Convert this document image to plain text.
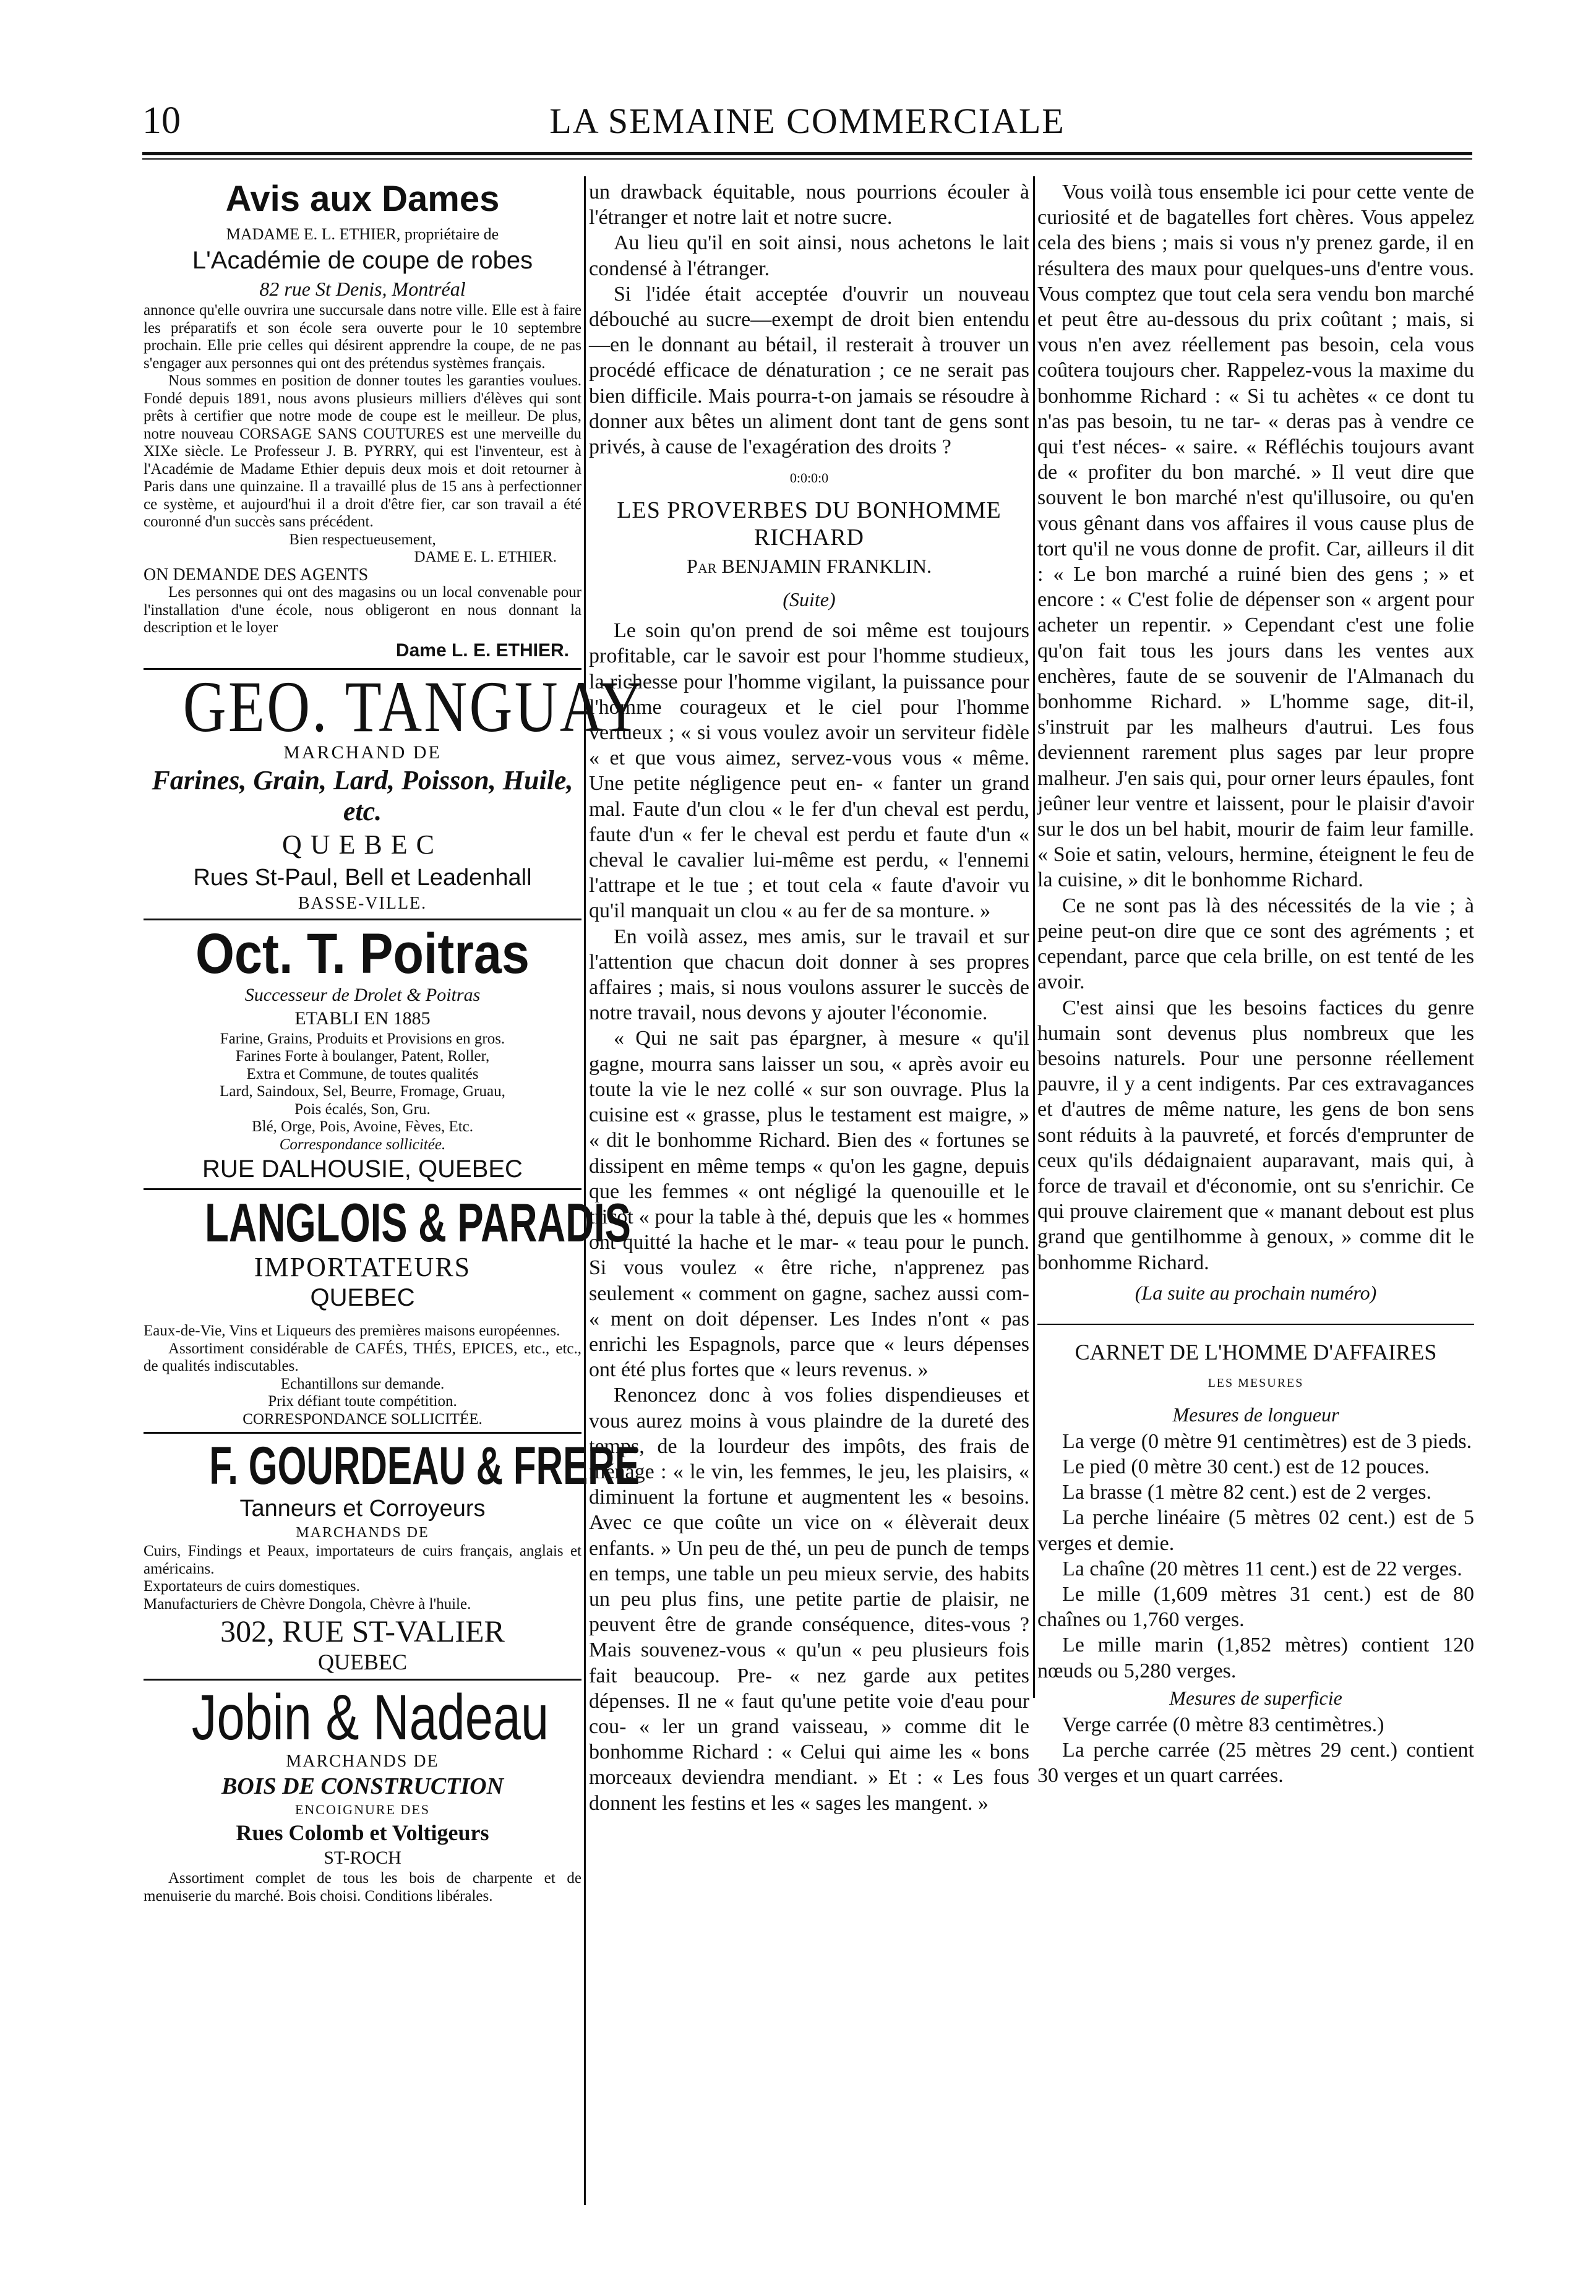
10	LA SEMAINE COMMERCIALE
Avis aux Dames
MADAME E. L. ETHIER, propriétaire de
L'Académie de coupe de robes
82 rue St Denis, Montréal

annonce qu'elle ouvrira une succursale dans notre ville. Elle est à faire les préparatifs et son école sera ouverte pour le 10 septembre prochain. Elle prie celles qui désirent apprendre la coupe, de ne pas s'engager aux personnes qui ont des prétendus systèmes français.

Nous sommes en position de donner toutes les garanties voulues. Fondé depuis 1891, nous avons plusieurs milliers d'élèves qui sont prêts à certifier que notre mode de coupe est le meilleur. De plus, notre nouveau CORSAGE SANS COUTURES est une merveille du XIXe siècle. Le Professeur J. B. PYRRY, qui est l'inventeur, est à l'Académie de Madame Ethier depuis deux mois et doit retourner à Paris dans une quinzaine. Il a travaillé plus de 15 ans à perfectionner ce système, et aujourd'hui il a droit d'être fier, car son travail a été couronné d'un succès sans précédent.

Bien respectueusement,

DAME E. L. ETHIER.

ON DEMANDE DES AGENTS

Les personnes qui ont des magasins ou un local convenable pour l'installation d'une école, nous obligeront en nous donnant la description et le loyer

Dame L. E. ETHIER.

GEO. TANGUAY
MARCHAND DE
Farines, Grain, Lard, Poisson, Huile, etc.
QUEBEC
Rues St-Paul, Bell et Leadenhall
BASSE-VILLE.
Oct. T. Poitras
Successeur de Drolet & Poitras
ETABLI EN 1885

Farine, Grains, Produits et Provisions en gros.

Farines Forte à boulanger, Patent, Roller,

Extra et Commune, de toutes qualités

Lard, Saindoux, Sel, Beurre, Fromage, Gruau,

Pois écalés, Son, Gru.

Blé, Orge, Pois, Avoine, Fèves, Etc.

Correspondance sollicitée.

RUE DALHOUSIE, QUEBEC
LANGLOIS & PARADIS
IMPORTATEURS
QUEBEC

Eaux-de-Vie, Vins et Liqueurs des premières maisons européennes.

Assortiment considérable de CAFÉS, THÉS, EPICES, etc., etc., de qualités indiscutables.

Echantillons sur demande.

Prix défiant toute compétition.

CORRESPONDANCE SOLLICITÉE.

F. GOURDEAU & FRERE
Tanneurs et Corroyeurs
MARCHANDS DE

Cuirs, Findings et Peaux, importateurs de cuirs français, anglais et américains.

Exportateurs de cuirs domestiques.

Manufacturiers de Chèvre Dongola, Chèvre à l'huile.

302, RUE ST-VALIER
QUEBEC
Jobin & Nadeau
MARCHANDS DE
BOIS DE CONSTRUCTION
ENCOIGNURE DES
Rues Colomb et Voltigeurs
ST-ROCH

Assortiment complet de tous les bois de charpente et de menuiserie du marché. Bois choisi. Conditions libérales.

un drawback équitable, nous pourrions écouler à l'étranger et notre lait et notre sucre.

Au lieu qu'il en soit ainsi, nous achetons le lait condensé à l'étranger.

Si l'idée était acceptée d'ouvrir un nouveau débouché au sucre—exempt de droit bien entendu—en le donnant au bétail, il resterait à trouver un procédé efficace de dénaturation ; ce ne serait pas bien difficile. Mais pourra-t-on jamais se résoudre à donner aux bêtes un aliment dont tant de gens sont privés, à cause de l'exagération des droits ?

0:0:0:0
LES PROVERBES DU BONHOMME RICHARD
Par BENJAMIN FRANKLIN.
(Suite)

Le soin qu'on prend de soi même est toujours profitable, car le savoir est pour l'homme studieux, la richesse pour l'homme vigilant, la puissance pour l'homme courageux et le ciel pour l'homme vertueux ; « si vous voulez avoir un serviteur fidèle « et que vous aimez, servez-vous vous « même. Une petite négligence peut en- « fanter un grand mal. Faute d'un clou « le fer d'un cheval est perdu, faute d'un « fer le cheval est perdu et faute d'un « cheval le cavalier lui-même est perdu, « l'ennemi l'attrape et le tue ; et tout cela « faute d'avoir vu qu'il manquait un clou « au fer de sa monture. »

En voilà assez, mes amis, sur le travail et sur l'attention que chacun doit donner à ses propres affaires ; mais, si nous voulons assurer le succès de notre travail, nous devons y ajouter l'économie.

« Qui ne sait pas épargner, à mesure « qu'il gagne, mourra sans laisser un sou, « après avoir eu toute la vie le nez collé « sur son ouvrage. Plus la cuisine est « grasse, plus le testament est maigre, » « dit le bonhomme Richard. Bien des « fortunes se dissipent en même temps « qu'on les gagne, depuis que les femmes « ont négligé la quenouille et le tricot « pour la table à thé, depuis que les « hommes ont quitté la hache et le mar- « teau pour le punch. Si vous voulez « être riche, n'apprenez pas seulement « comment on gagne, sachez aussi com- « ment on doit dépenser. Les Indes n'ont « pas enrichi les Espagnols, parce que « leurs dépenses ont été plus fortes que « leurs revenus. »

Renoncez donc à vos folies dispendieuses et vous aurez moins à vous plaindre de la dureté des temps, de la lourdeur des impôts, des frais de ménage : « le vin, les femmes, le jeu, les plaisirs, « diminuent la fortune et augmentent les « besoins. Avec ce que coûte un vice on « élèverait deux enfants. » Un peu de thé, un peu de punch de temps en temps, une table un peu mieux servie, des habits un peu plus fins, une petite partie de plaisir, ne peuvent être de grande conséquence, dites-vous ? Mais souvenez-vous « qu'un « peu plusieurs fois fait beaucoup. Pre- « nez garde aux petites dépenses. Il ne « faut qu'une petite voie d'eau pour cou- « ler un grand vaisseau, » comme dit le bonhomme Richard : « Celui qui aime les « bons morceaux deviendra mendiant. » Et : « Les fous donnent les festins et les « sages les mangent. »

Vous voilà tous ensemble ici pour cette vente de curiosité et de bagatelles fort chères. Vous appelez cela des biens ; mais si vous n'y prenez garde, il en résultera des maux pour quelques-uns d'entre vous. Vous comptez que tout cela sera vendu bon marché et peut être au-dessous du prix coûtant ; mais, si vous n'en avez réellement pas besoin, cela vous coûtera toujours cher. Rappelez-vous la maxime du bonhomme Richard : « Si tu achètes « ce dont tu n'as pas besoin, tu ne tar- « deras pas à vendre ce qui t'est néces- « saire. « Réfléchis toujours avant de « profiter du bon marché. » Il veut dire que souvent le bon marché n'est qu'illusoire, ou qu'en vous gênant dans vos affaires il vous cause plus de tort qu'il ne vous donne de profit. Car, ailleurs il dit : « Le bon marché a ruiné bien des gens ; » et encore : « C'est folie de dépenser son « argent pour acheter un repentir. » Cependant c'est une folie qu'on fait tous les jours dans les ventes aux enchères, faute de se souvenir de l'Almanach du bonhomme Richard. » L'homme sage, dit-il, s'instruit par les malheurs d'autrui. Les fous deviennent rarement plus sages par leur propre malheur. J'en sais qui, pour orner leurs épaules, font jeûner leur ventre et laissent, pour le plaisir d'avoir sur le dos un bel habit, mourir de faim leur famille. « Soie et satin, velours, hermine, éteignent le feu de la cuisine, » dit le bonhomme Richard.

Ce ne sont pas là des nécessités de la vie ; à peine peut-on dire que ce sont des agréments ; et cependant, parce que cela brille, on est tenté de les avoir.

C'est ainsi que les besoins factices du genre humain sont devenus plus nombreux que les besoins naturels. Pour une personne réellement pauvre, il y a cent indigents. Par ces extravagances et d'autres de même nature, les gens de bon sens sont réduits à la pauvreté, et forcés d'emprunter de ceux qu'ils dédaignaient auparavant, mais qui, à force de travail et d'économie, ont su s'enrichir. Ce qui prouve clairement que « manant debout est plus grand que gentilhomme à genoux, » comme dit le bonhomme Richard.

(La suite au prochain numéro)
CARNET DE L'HOMME D'AFFAIRES
LES MESURES
Mesures de longueur

La verge (0 mètre 91 centimètres) est de 3 pieds.

Le pied (0 mètre 30 cent.) est de 12 pouces.

La brasse (1 mètre 82 cent.) est de 2 verges.

La perche linéaire (5 mètres 02 cent.) est de 5 verges et demie.

La chaîne (20 mètres 11 cent.) est de 22 verges.

Le mille (1,609 mètres 31 cent.) est de 80 chaînes ou 1,760 verges.

Le mille marin (1,852 mètres) contient 120 nœuds ou 5,280 verges.

Mesures de superficie

Verge carrée (0 mètre 83 centimètres.)

La perche carrée (25 mètres 29 cent.) contient 30 verges et un quart carrées.
